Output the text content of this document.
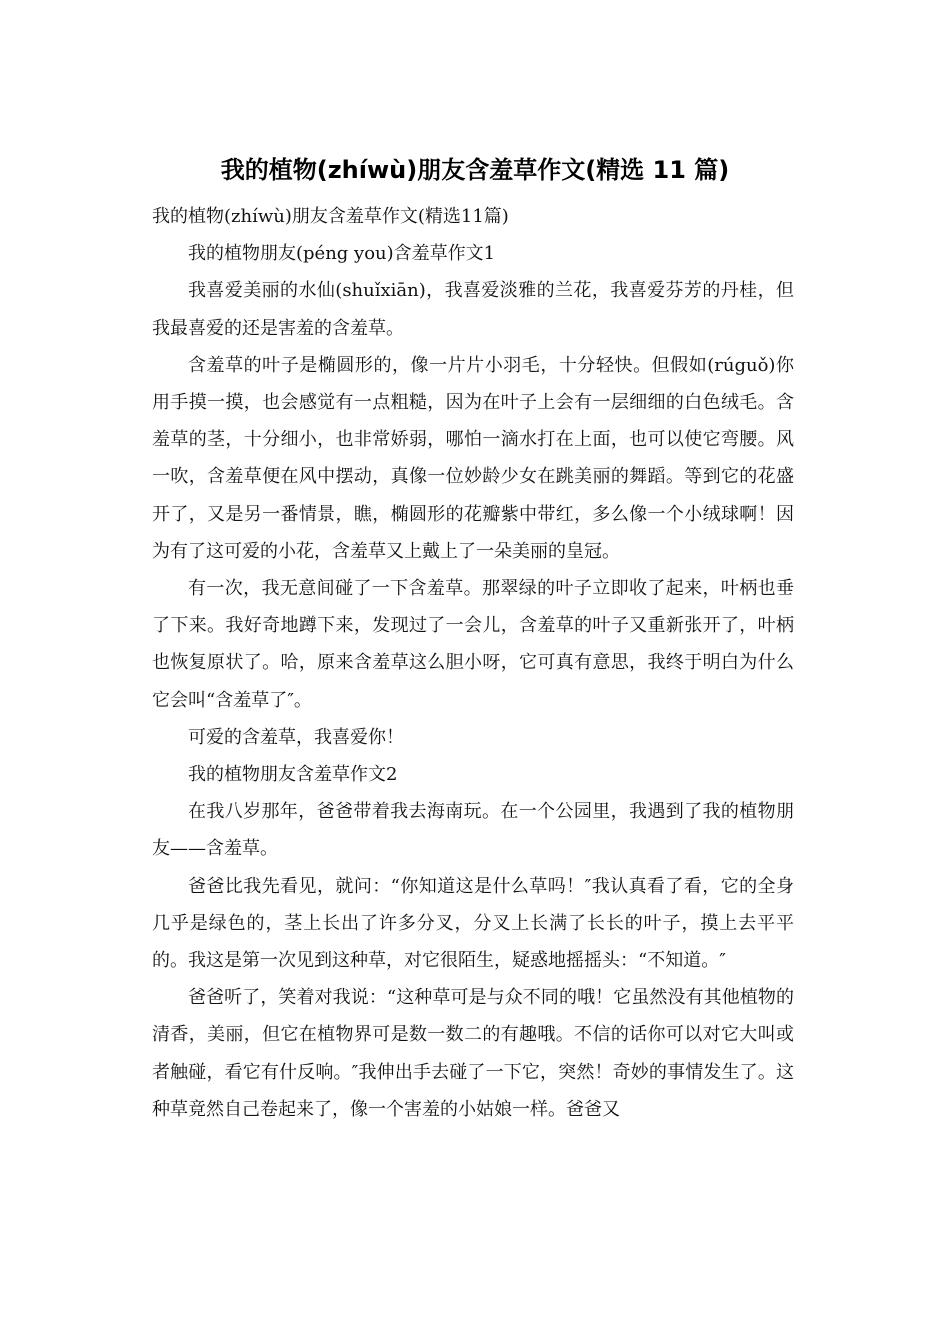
我的植物(zhíwù)朋友含羞草作文(精选 11 篇)

我的植物(zhíwù)朋友含羞草作文(精选11篇)

我的植物朋友(péng you)含羞草作文1

我喜爱美丽的水仙(shuǐxiān)，我喜爱淡雅的兰花，我喜爱芬芳的丹桂，但我最喜爱的还是害羞的含羞草。

含羞草的叶子是椭圆形的，像一片片小羽毛，十分轻快。但假如(rúguǒ)你用手摸一摸，也会感觉有一点粗糙，因为在叶子上会有一层细细的白色绒毛。含羞草的茎，十分细小，也非常娇弱，哪怕一滴水打在上面，也可以使它弯腰。风一吹，含羞草便在风中摆动，真像一位妙龄少女在跳美丽的舞蹈。等到它的花盛开了，又是另一番情景，瞧，椭圆形的花瓣紫中带红，多么像一个小绒球啊！因为有了这可爱的小花，含羞草又上戴上了一朵美丽的皇冠。

有一次，我无意间碰了一下含羞草。那翠绿的叶子立即收了起来，叶柄也垂了下来。我好奇地蹲下来，发现过了一会儿，含羞草的叶子又重新张开了，叶柄也恢复原状了。哈，原来含羞草这么胆小呀，它可真有意思，我终于明白为什么它会叫“含羞草了″。

可爱的含羞草，我喜爱你！

我的植物朋友含羞草作文2

在我八岁那年，爸爸带着我去海南玩。在一个公园里，我遇到了我的植物朋友——含羞草。

爸爸比我先看见，就问：“你知道这是什么草吗！″我认真看了看，它的全身几乎是绿色的，茎上长出了许多分叉，分叉上长满了长长的叶子，摸上去平平的。我这是第一次见到这种草，对它很陌生，疑惑地摇摇头：“不知道。″

爸爸听了，笑着对我说：“这种草可是与众不同的哦！它虽然没有其他植物的清香，美丽，但它在植物界可是数一数二的有趣哦。不信的话你可以对它大叫或者触碰，看它有什反响。″我伸出手去碰了一下它，突然！奇妙的事情发生了。这种草竟然自己卷起来了，像一个害羞的小姑娘一样。爸爸又
